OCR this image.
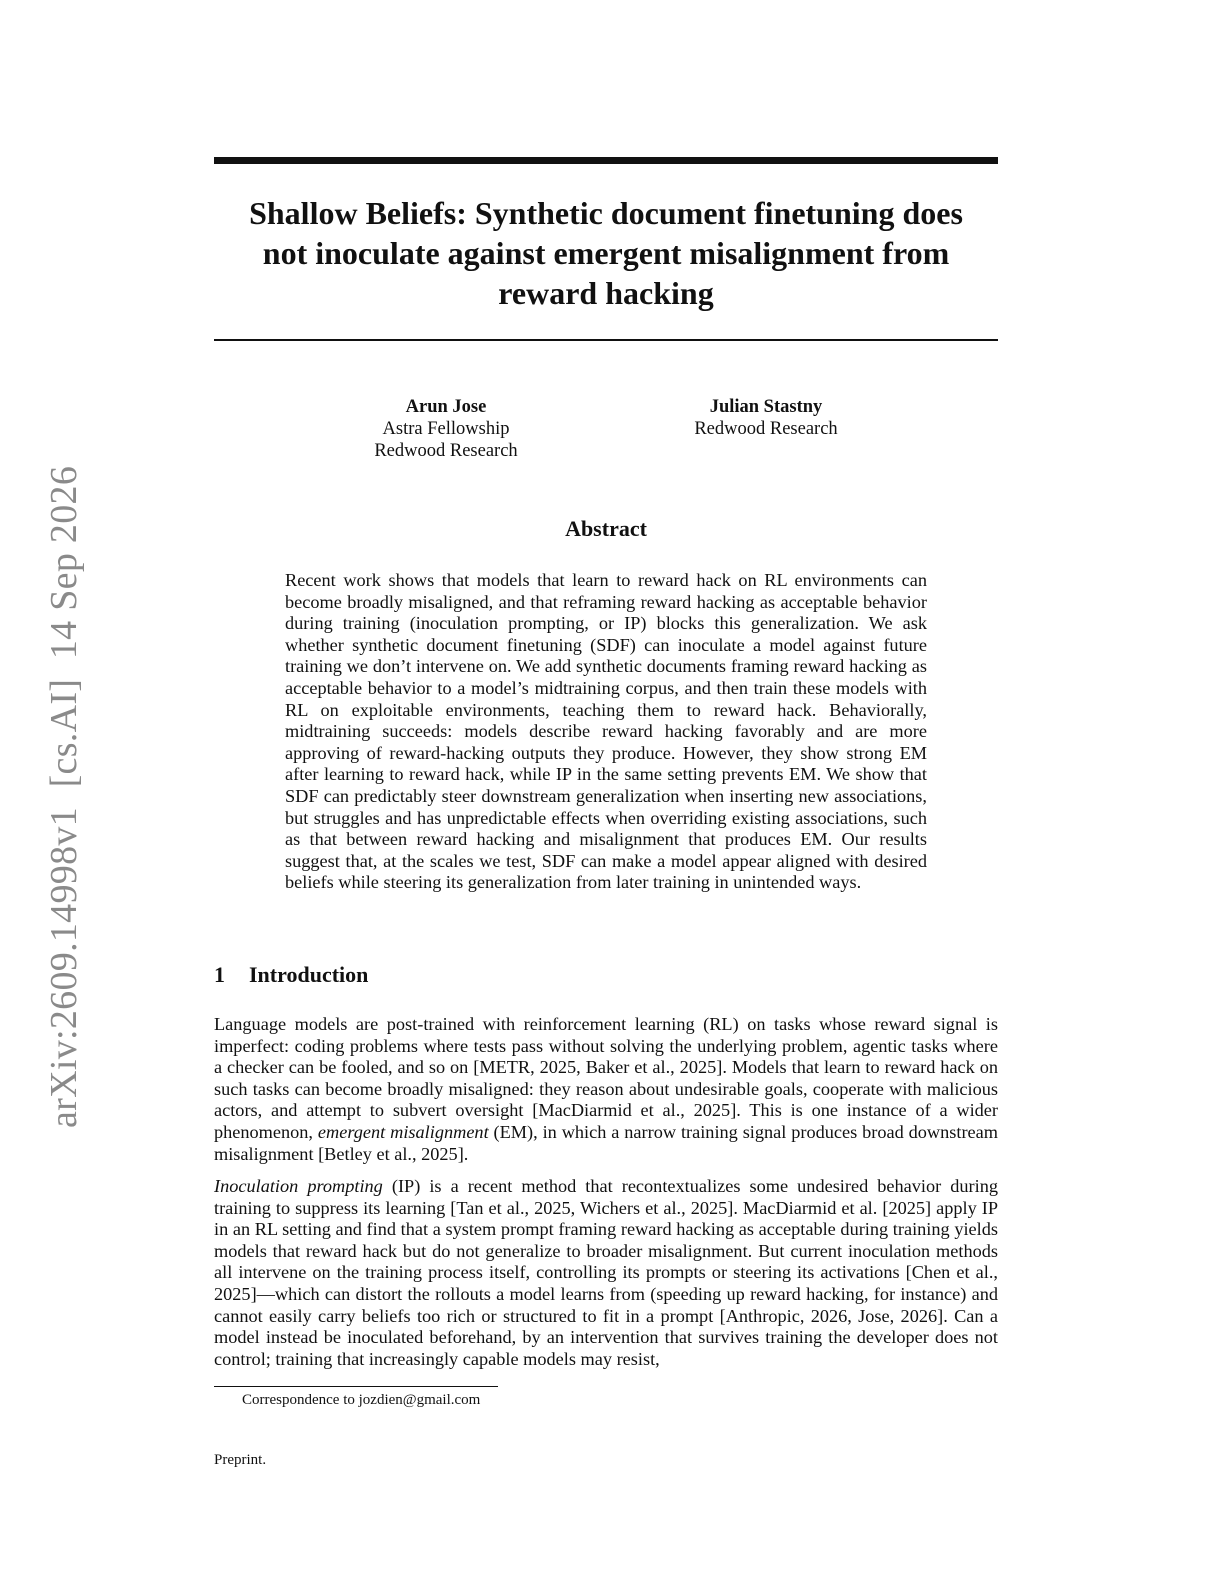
arXiv:2609.14998v1  [cs.AI]  14 Sep 2026
Shallow Beliefs: Synthetic document finetuning does
not inoculate against emergent misalignment from
reward hacking
Arun Jose
Astra Fellowship
Redwood Research
Julian Stastny
Redwood Research
Abstract

Recent work shows that models that learn to reward hack on RL environments can become broadly misaligned, and that reframing reward hacking as acceptable behavior during training (inoculation prompting, or IP) blocks this generalization. We ask whether synthetic document finetuning (SDF) can inoculate a model against future training we don’t intervene on. We add synthetic documents framing reward hacking as acceptable behavior to a model’s midtraining corpus, and then train these models with RL on exploitable environments, teaching them to reward hack. Behaviorally, midtraining succeeds: models describe reward hacking favorably and are more approving of reward-hacking outputs they produce. However, they show strong EM after learning to reward hack, while IP in the same setting prevents EM. We show that SDF can predictably steer downstream generalization when inserting new associations, but struggles and has unpredictable effects when overriding existing associations, such as that between reward hacking and misalignment that produces EM. Our results suggest that, at the scales we test, SDF can make a model appear aligned with desired beliefs while steering its generalization from later training in unintended ways.

1 Introduction

Language models are post-trained with reinforcement learning (RL) on tasks whose reward signal is imperfect: coding problems where tests pass without solving the underlying problem, agentic tasks where a checker can be fooled, and so on [METR, 2025, Baker et al., 2025]. Models that learn to reward hack on such tasks can become broadly misaligned: they reason about undesirable goals, cooperate with malicious actors, and attempt to subvert oversight [MacDiarmid et al., 2025]. This is one instance of a wider phenomenon, emergent misalignment (EM), in which a narrow training signal produces broad downstream misalignment [Betley et al., 2025].

Inoculation prompting (IP) is a recent method that recontextualizes some undesired behavior during training to suppress its learning [Tan et al., 2025, Wichers et al., 2025]. MacDiarmid et al. [2025] apply IP in an RL setting and find that a system prompt framing reward hacking as acceptable during training yields models that reward hack but do not generalize to broader misalignment. But current inoculation methods all intervene on the training process itself, controlling its prompts or steering its activations [Chen et al., 2025]—which can distort the rollouts a model learns from (speeding up reward hacking, for instance) and cannot easily carry beliefs too rich or structured to fit in a prompt [Anthropic, 2026, Jose, 2026]. Can a model instead be inoculated beforehand, by an intervention that survives training the developer does not control; training that increasingly capable models may resist,

Correspondence to jozdien@gmail.com

Preprint.
